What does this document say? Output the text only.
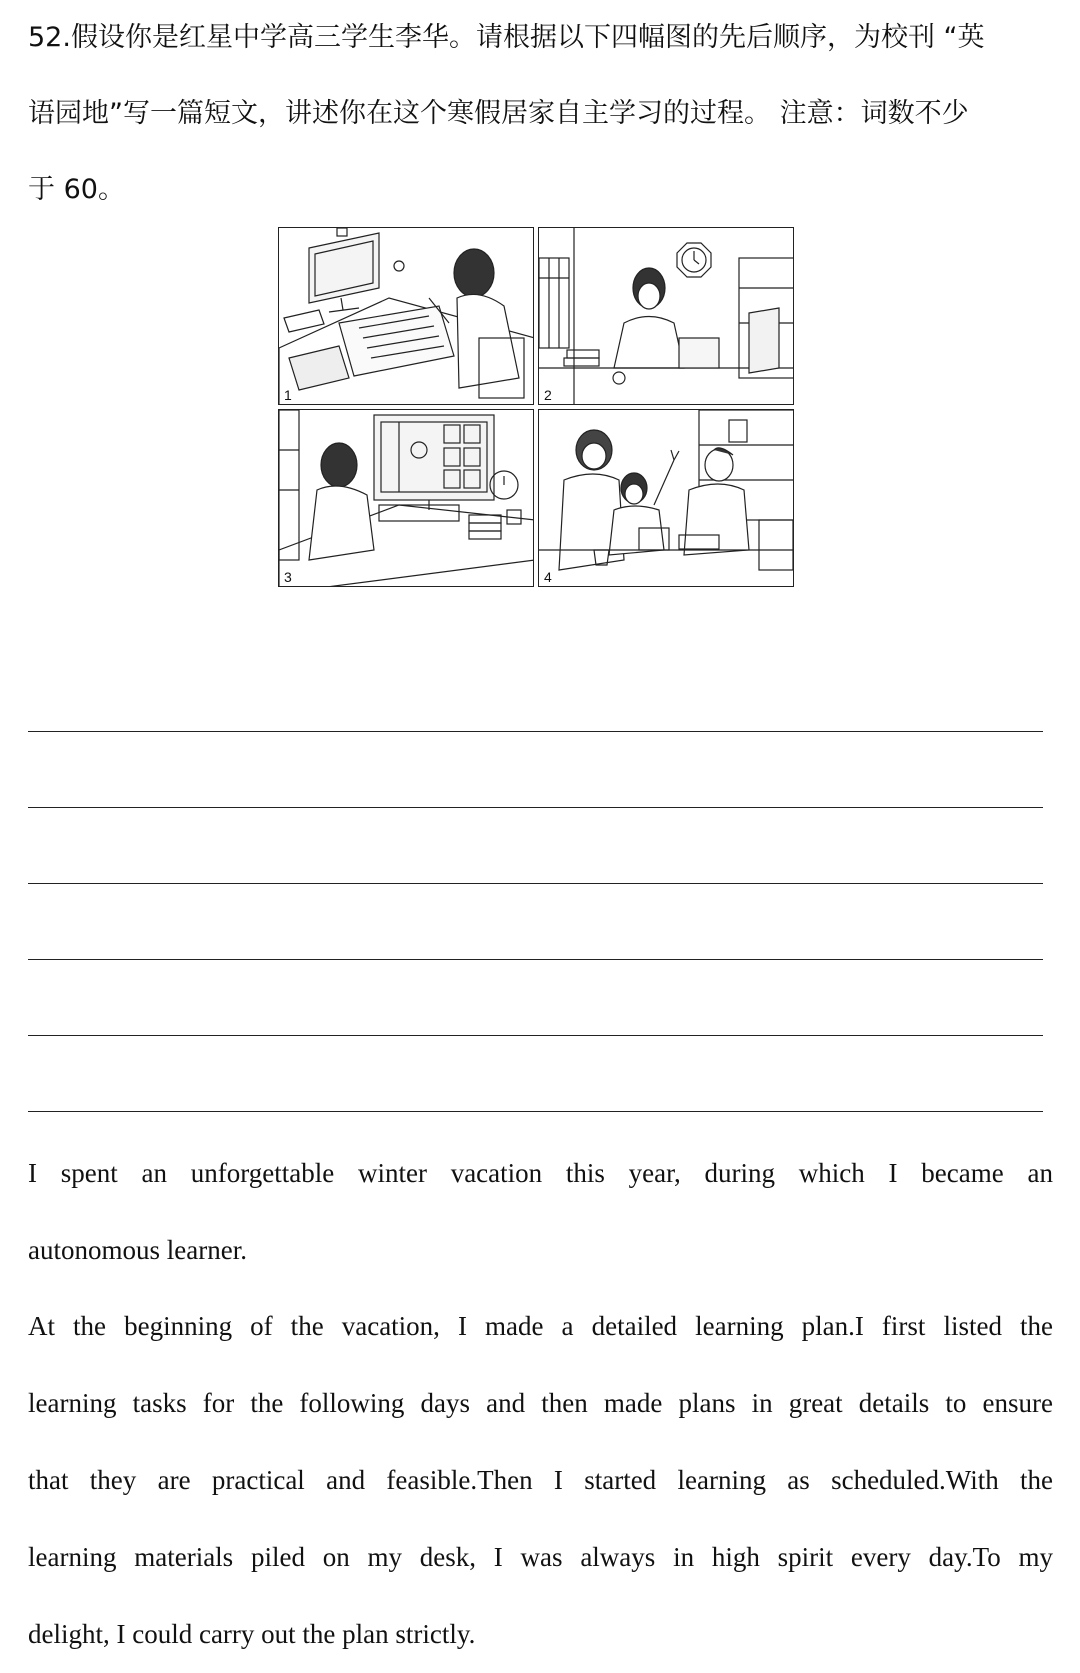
52.假设你是红星中学高三学生李华。请根据以下四幅图的先后顺序，为校刊 “英
语园地”写一篇短文，讲述你在这个寒假居家自主学习的过程。 注意：词数不少
于 60。
1	2
3	4
I spent an unforgettable winter vacation this year, during which I became an
autonomous learner.
At the beginning of the vacation, I made a detailed learning plan.I first listed the
learning tasks for the following days and then made plans in great details to ensure
that they are practical and feasible.Then I started learning as scheduled.With the
learning materials piled on my desk, I was always in high spirit every day.To my
delight, I could carry out the plan strictly.
